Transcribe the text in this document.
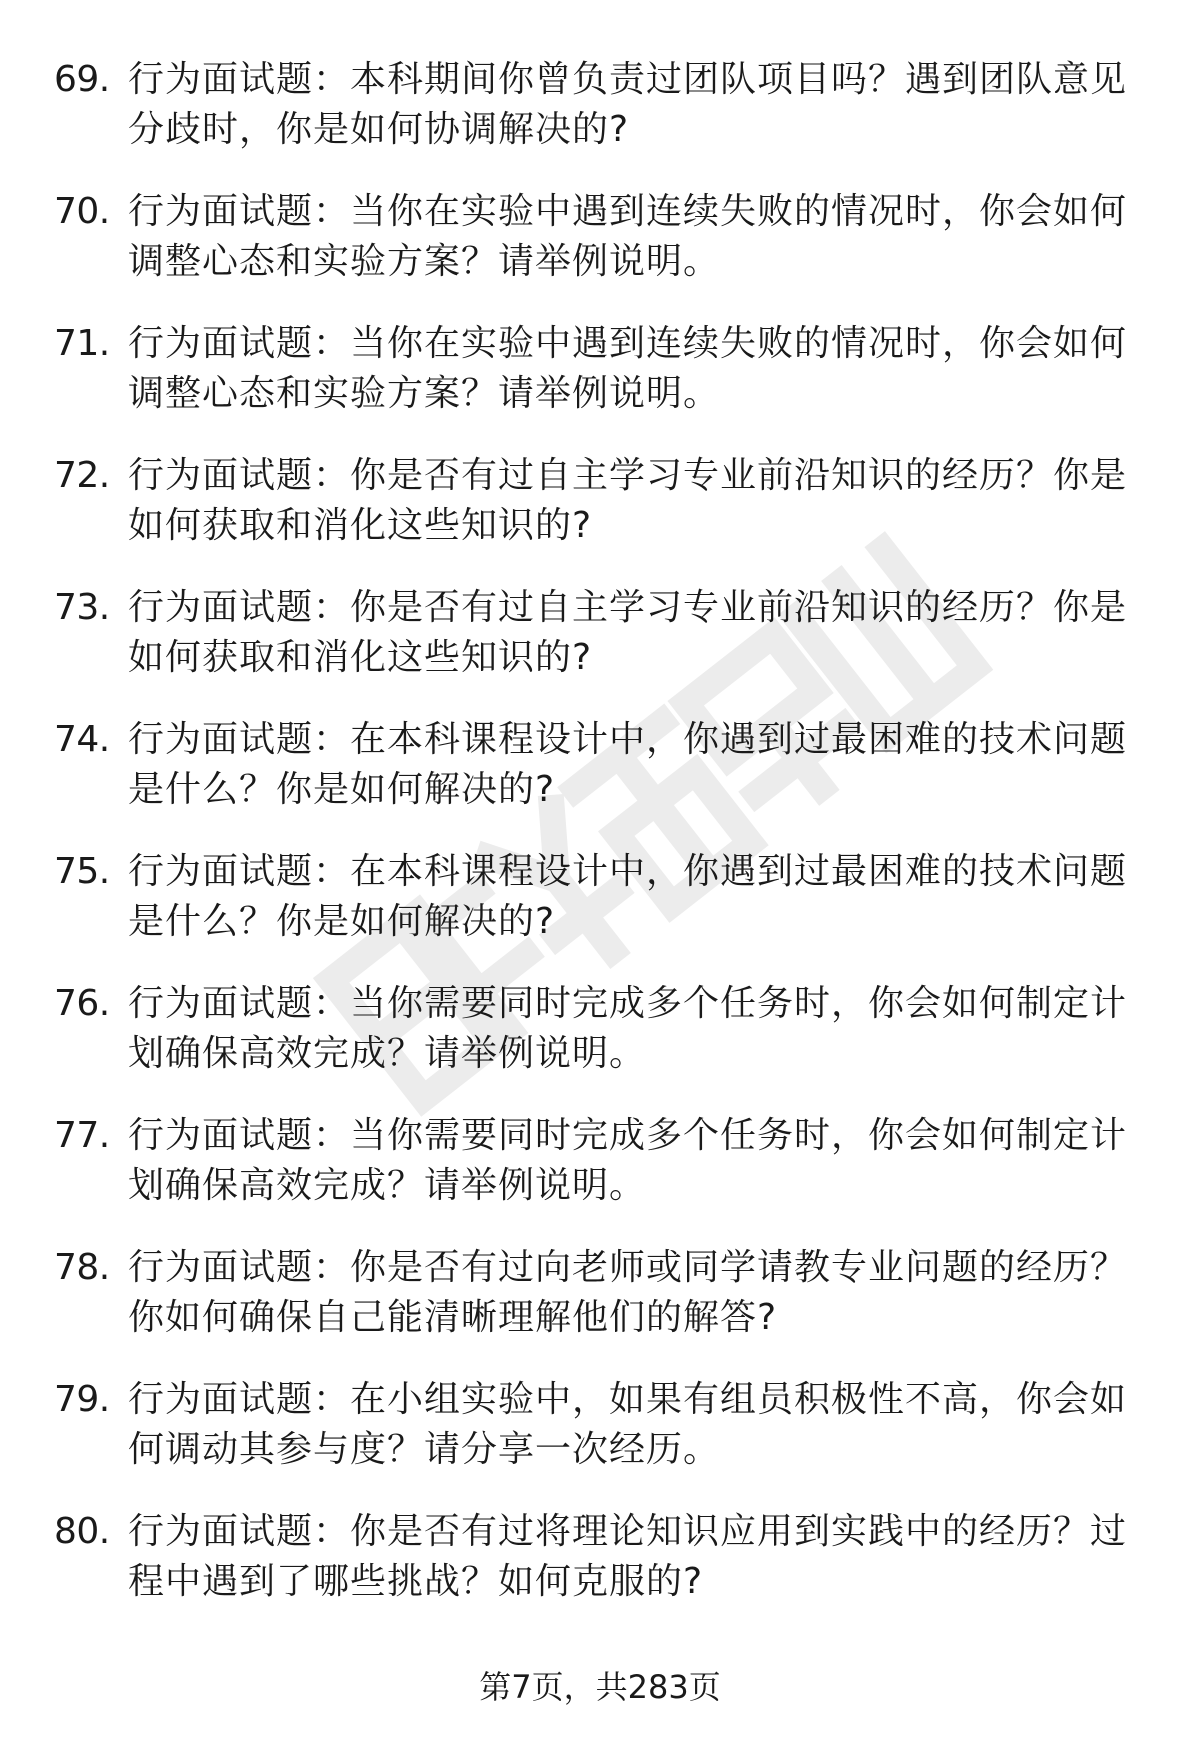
69. 行为面试题：本科期间你曾负责过团队项目吗？遇到团队意见分歧时，你是如何协调解决的?
70. 行为面试题：当你在实验中遇到连续失败的情况时，你会如何调整心态和实验方案？请举例说明。
71. 行为面试题：当你在实验中遇到连续失败的情况时，你会如何调整心态和实验方案？请举例说明。
72. 行为面试题：你是否有过自主学习专业前沿知识的经历？你是如何获取和消化这些知识的?
73. 行为面试题：你是否有过自主学习专业前沿知识的经历？你是如何获取和消化这些知识的?
74. 行为面试题：在本科课程设计中，你遇到过最困难的技术问题是什么？你是如何解决的?
75. 行为面试题：在本科课程设计中，你遇到过最困难的技术问题是什么？你是如何解决的?
76. 行为面试题：当你需要同时完成多个任务时，你会如何制定计划确保高效完成？请举例说明。
77. 行为面试题：当你需要同时完成多个任务时，你会如何制定计划确保高效完成？请举例说明。
78. 行为面试题：你是否有过向老师或同学请教专业问题的经历？你如何确保自己能清晰理解他们的解答?
79. 行为面试题：在小组实验中，如果有组员积极性不高，你会如何调动其参与度？请分享一次经历。
80. 行为面试题：你是否有过将理论知识应用到实践中的经历？过程中遇到了哪些挑战？如何克服的?
第7页，共283页
